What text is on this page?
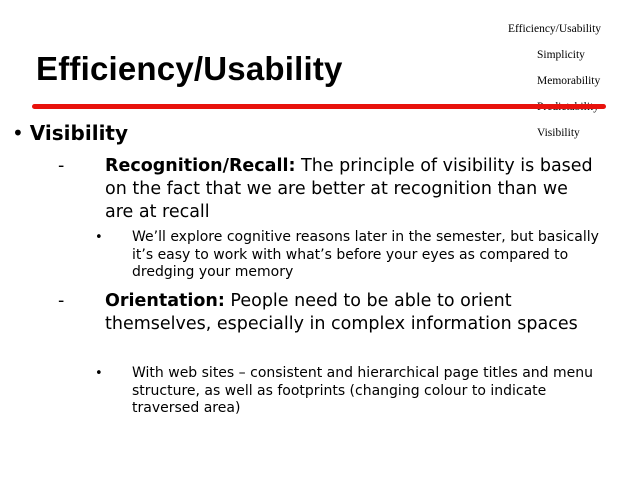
Efficiency/Usability
Simplicity
Memorability
Visibility
Efficiency/Usability
• Visibility
- Recognition/Recall: The principle of visibility is based on the fact that we are better at recognition than we are at recall
• We’ll explore cognitive reasons later in the semester, but basically it’s easy to work with what’s before your eyes as compared to dredging your memory
- Orientation: People need to be able to orient themselves, especially in complex information spaces
• With web sites – consistent and hierarchical page titles and menu structure, as well as footprints (changing colour to indicate traversed area)
